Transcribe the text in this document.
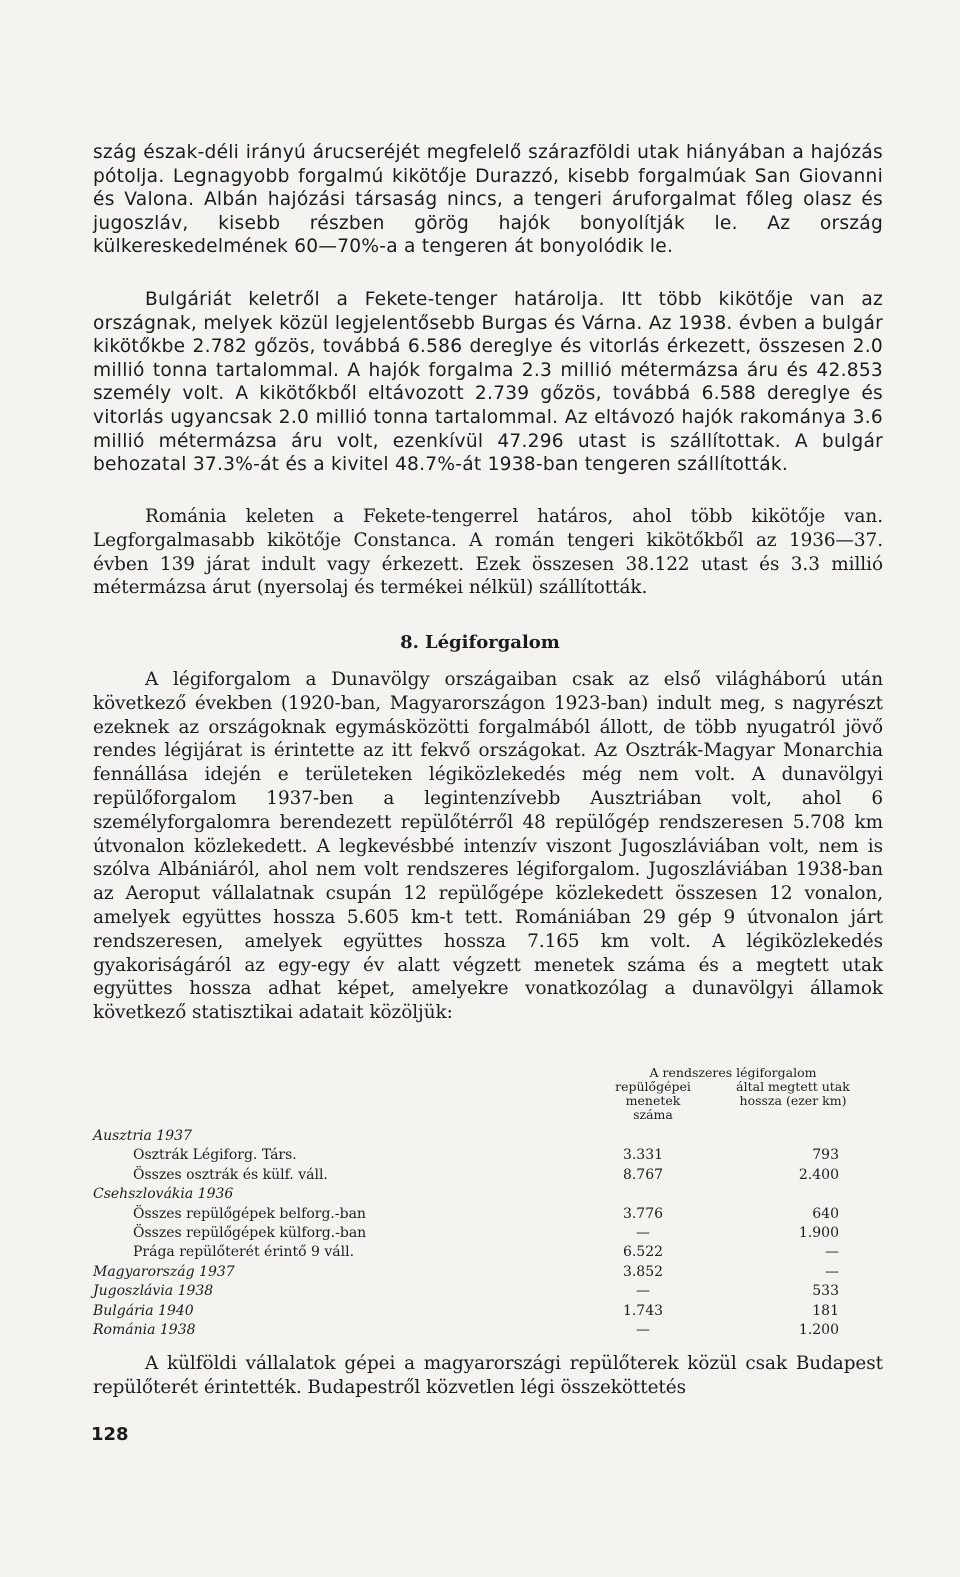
szág észak-déli irányú árucseréjét megfelelő szárazföldi utak hiányában a hajózás pótolja. Legnagyobb forgalmú kikötője Durazzó, kisebb forgalmúak San Giovanni és Valona. Albán hajózási társaság nincs, a tengeri áruforgalmat főleg olasz és jugoszláv, kisebb részben görög hajók bonyolítják le. Az ország külkereskedelmének 60—70%-a a tengeren át bonyolódik le.

Bulgáriát keletről a Fekete-tenger határolja. Itt több kikötője van az országnak, melyek közül legjelentősebb Burgas és Várna. Az 1938. évben a bulgár kikötőkbe 2.782 gőzös, továbbá 6.586 dereglye és vitorlás érkezett, összesen 2.0 millió tonna tartalommal. A hajók forgalma 2.3 millió métermázsa áru és 42.853 személy volt. A kikötőkből eltávozott 2.739 gőzös, továbbá 6.588 dereglye és vitorlás ugyancsak 2.0 millió tonna tartalommal. Az eltávozó hajók rakománya 3.6 millió métermázsa áru volt, ezenkívül 47.296 utast is szállítottak. A bulgár behozatal 37.3%-át és a kivitel 48.7%-át 1938-ban tengeren szállították.

Románia keleten a Fekete-tengerrel határos, ahol több kikötője van. Legforgalmasabb kikötője Constanca. A román tengeri kikötőkből az 1936—37. évben 139 járat indult vagy érkezett. Ezek összesen 38.122 utast és 3.3 millió métermázsa árut (nyersolaj és termékei nélkül) szállították.

8. Légiforgalom

A légiforgalom a Dunavölgy országaiban csak az első világháború után következő években (1920-ban, Magyarországon 1923-ban) indult meg, s nagyrészt ezeknek az országoknak egymásközötti forgalmából állott, de több nyugatról jövő rendes légijárat is érintette az itt fekvő országokat. Az Osztrák-Magyar Monarchia fennállása idején e területeken légiközlekedés még nem volt. A dunavölgyi repülőforgalom 1937-ben a legintenzívebb Ausztriában volt, ahol 6 személyforgalomra berendezett repülőtérről 48 repülőgép rendszeresen 5.708 km útvonalon közlekedett. A legkevésbbé intenzív viszont Jugoszláviában volt, nem is szólva Albániáról, ahol nem volt rendszeres légiforgalom. Jugoszláviában 1938-ban az Aeroput vállalatnak csupán 12 repülőgépe közlekedett összesen 12 vonalon, amelyek együttes hossza 5.605 km-t tett. Romániában 29 gép 9 útvonalon járt rendszeresen, amelyek együttes hossza 7.165 km volt. A légiközlekedés gyakoriságáról az egy-egy év alatt végzett menetek száma és a megtett utak együttes hossza adhat képet, amelyekre vonatkozólag a dunavölgyi államok következő statisztikai adatait közöljük:

A rendszeres légiforgalom
repülőgépei menetek száma
által megtett utak hossza (ezer km)
Ausztria 1937
Osztrák Légiforg. Társ.	3.331	793
Összes osztrák és külf. váll.	8.767	2.400
Csehszlovákia 1936
Összes repülőgépek belforg.-ban	3.776	640
Összes repülőgépek külforg.-ban	—	1.900
Prága repülőterét érintő 9 váll.	6.522	—
Magyarország 1937	3.852	—
Jugoszlávia 1938	—	533
Bulgária 1940	1.743	181
Románia 1938	—	1.200

A külföldi vállalatok gépei a magyarországi repülőterek közül csak Budapest repülőterét érintették. Budapestről közvetlen légi összeköttetés

128
